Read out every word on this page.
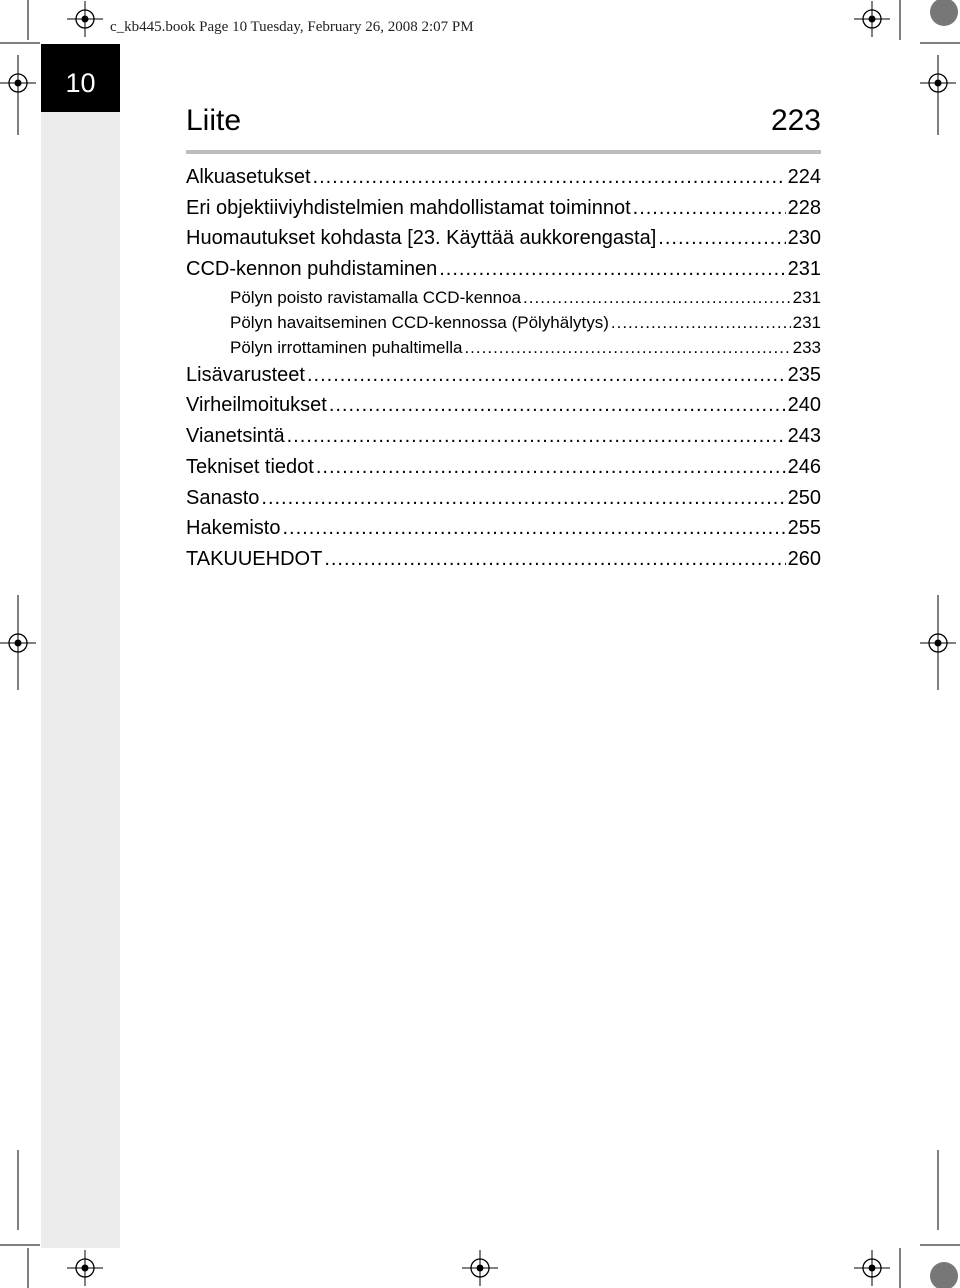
c_kb445.book Page 10 Tuesday, February 26, 2008 2:07 PM
10
Liite	223
Alkuasetukset .....	224
Eri objektiiviyhdistelmien mahdollistamat toiminnot .....	228
Huomautukset kohdasta [23. Käyttää aukkorengasta] .....	230
CCD-kennon puhdistaminen .....	231
Pölyn poisto ravistamalla CCD-kennoa .....	231
Pölyn havaitseminen CCD-kennossa (Pölyhälytys) .....	231
Pölyn irrottaminen puhaltimella .....	233
Lisävarusteet .....	235
Virheilmoitukset .....	240
Vianetsintä .....	243
Tekniset tiedot .....	246
Sanasto .....	250
Hakemisto .....	255
TAKUUEHDOT .....	260
